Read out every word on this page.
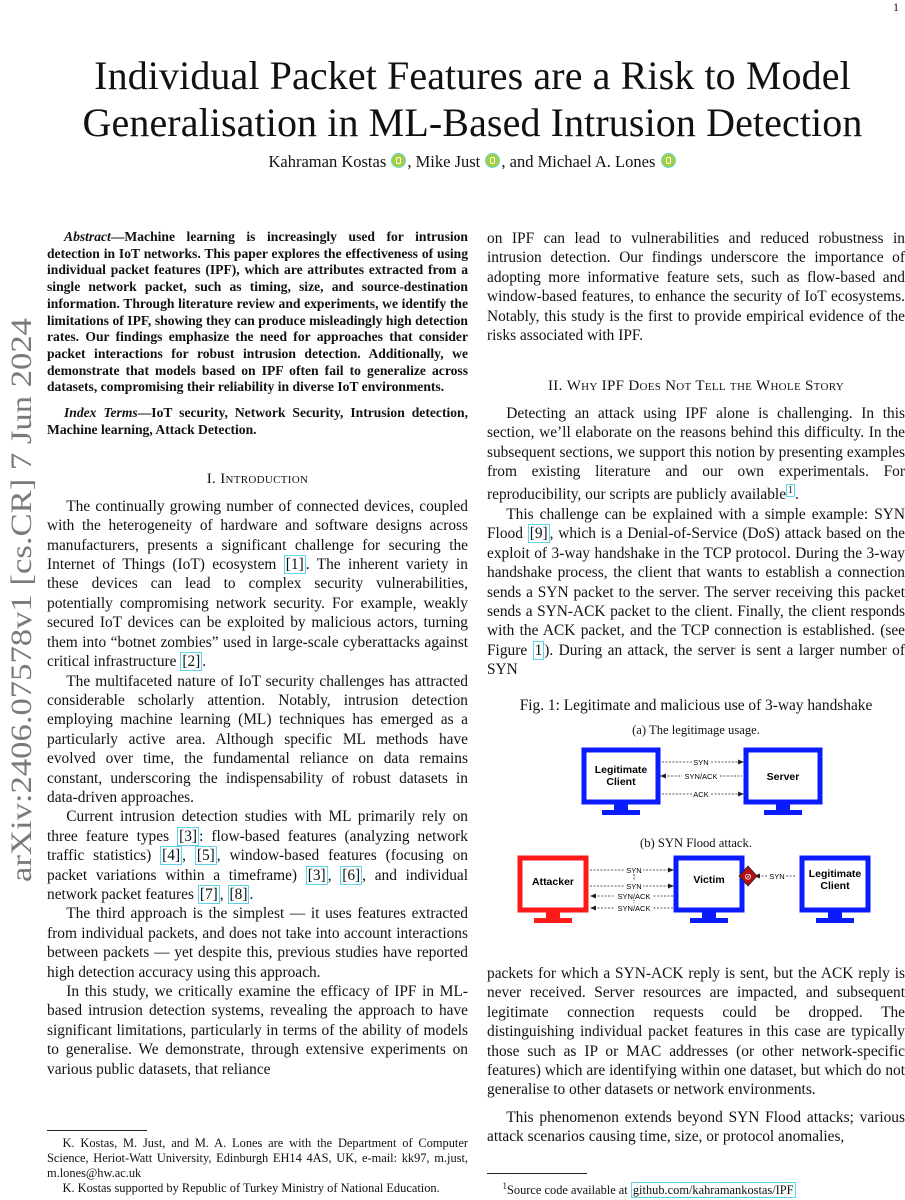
1
arXiv:2406.07578v1 [cs.CR] 7 Jun 2024
Individual Packet Features are a Risk to Model
Generalisation in ML-Based Intrusion Detection
Kahraman Kostas , Mike Just , and Michael A. Lones

Abstract—Machine learning is increasingly used for intrusion detection in IoT networks. This paper explores the effectiveness of using individual packet features (IPF), which are attributes extracted from a single network packet, such as timing, size, and source-destination information. Through literature review and experiments, we identify the limitations of IPF, showing they can produce misleadingly high detection rates. Our findings emphasize the need for approaches that consider packet interactions for robust intrusion detection. Additionally, we demonstrate that models based on IPF often fail to generalize across datasets, compromising their reliability in diverse IoT environments.

Index Terms—IoT security, Network Security, Intrusion detection, Machine learning, Attack Detection.

I. Introduction

The continually growing number of connected devices, coupled with the heterogeneity of hardware and software designs across manufacturers, presents a significant challenge for securing the Internet of Things (IoT) ecosystem [1] . The inherent variety in these devices can lead to complex security vulnerabilities, potentially compromising network security. For example, weakly secured IoT devices can be exploited by malicious actors, turning them into “botnet zombies” used in large-scale cyberattacks against critical infrastructure [2] .

The multifaceted nature of IoT security challenges has attracted considerable scholarly attention. Notably, intrusion detection employing machine learning (ML) techniques has emerged as a particularly active area. Although specific ML methods have evolved over time, the fundamental reliance on data remains constant, underscoring the indispensability of robust datasets in data-driven approaches.

Current intrusion detection studies with ML primarily rely on three feature types [3] : flow-based features (analyzing network traffic statistics) [4] , [5] , window-based features (focusing on packet variations within a timeframe) [3] , [6] , and individual network packet features [7] , [8] .

The third approach is the simplest — it uses features extracted from individual packets, and does not take into account interactions between packets — yet despite this, previous studies have reported high detection accuracy using this approach.

In this study, we critically examine the efficacy of IPF in ML-based intrusion detection systems, revealing the approach to have significant limitations, particularly in terms of the ability of models to generalise. We demonstrate, through extensive experiments on various public datasets, that reliance

K. Kostas, M. Just, and M. A. Lones are with the Department of Computer Science, Heriot-Watt University, Edinburgh EH14 4AS, UK, e-mail: kk97, m.just, m.lones@hw.ac.uk

K. Kostas supported by Republic of Turkey Ministry of National Education.

on IPF can lead to vulnerabilities and reduced robustness in intrusion detection. Our findings underscore the importance of adopting more informative feature sets, such as flow-based and window-based features, to enhance the security of IoT ecosystems. Notably, this study is the first to provide empirical evidence of the risks associated with IPF.

II. Why IPF Does Not Tell the Whole Story

Detecting an attack using IPF alone is challenging. In this section, we’ll elaborate on the reasons behind this difficulty. In the subsequent sections, we support this notion by presenting examples from existing literature and our own experimentals. For reproducibility, our scripts are publicly available $^1$ .

This challenge can be explained with a simple example: SYN Flood [9] , which is a Denial-of-Service (DoS) attack based on the exploit of 3-way handshake in the TCP protocol. During the 3-way handshake process, the client that wants to establish a connection sends a SYN packet to the server. The server receiving this packet sends a SYN-ACK packet to the client. Finally, the client responds with the ACK packet, and the TCP connection is established. (see Figure 1 ). During an attack, the server is sent a larger number of SYN

Fig. 1: Legitimate and malicious use of 3-way handshake
(a) The legitimage usage.
Legitimate
Client	Server
SYN
SYN/ACK
ACK
(b) SYN Flood attack.
Attacker	Victim	Legitimate
Client
SYN
SYN
SYN/ACK
SYN/ACK
SYN
⊘

packets for which a SYN-ACK reply is sent, but the ACK reply is never received. Server resources are impacted, and subsequent legitimate connection requests could be dropped. The distinguishing individual packet features in this case are typically those such as IP or MAC addresses (or other network-specific features) which are identifying within one dataset, but which do not generalise to other datasets or network environments.

This phenomenon extends beyond SYN Flood attacks; various attack scenarios causing time, size, or protocol anomalies,

$^1$Source code available at github.com/kahramankostas/IPF
